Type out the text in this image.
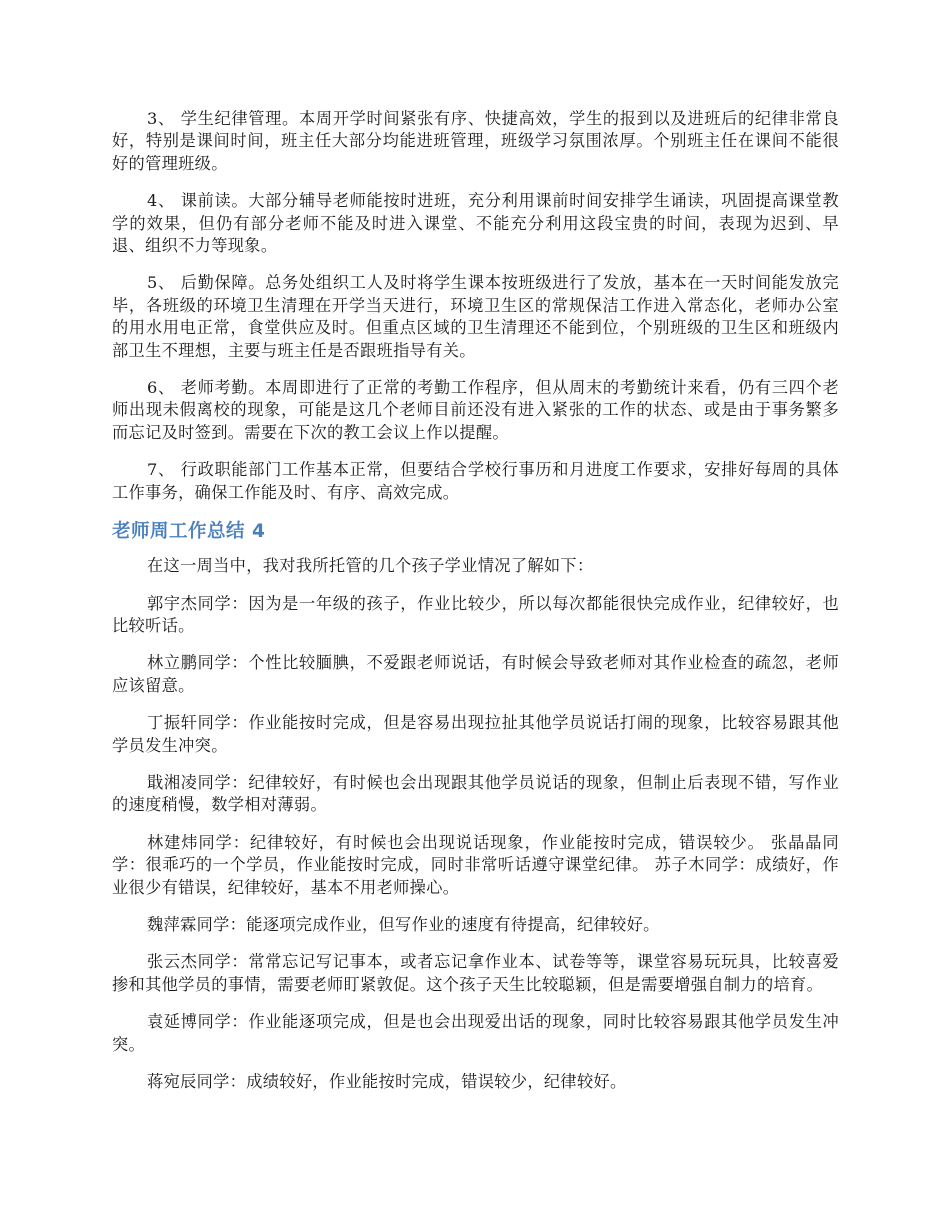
3、 学生纪律管理。本周开学时间紧张有序、快捷高效，学生的报到以及进班后的纪律非常良好，特别是课间时间，班主任大部分均能进班管理，班级学习氛围浓厚。个别班主任在课间不能很好的管理班级。

4、 课前读。大部分辅导老师能按时进班，充分利用课前时间安排学生诵读，巩固提高课堂教学的效果，但仍有部分老师不能及时进入课堂、不能充分利用这段宝贵的时间，表现为迟到、早退、组织不力等现象。

5、 后勤保障。总务处组织工人及时将学生课本按班级进行了发放，基本在一天时间能发放完毕，各班级的环境卫生清理在开学当天进行，环境卫生区的常规保洁工作进入常态化，老师办公室的用水用电正常，食堂供应及时。但重点区域的卫生清理还不能到位，个别班级的卫生区和班级内部卫生不理想，主要与班主任是否跟班指导有关。

6、 老师考勤。本周即进行了正常的考勤工作程序，但从周末的考勤统计来看，仍有三四个老师出现未假离校的现象，可能是这几个老师目前还没有进入紧张的工作的状态、或是由于事务繁多而忘记及时签到。需要在下次的教工会议上作以提醒。

7、 行政职能部门工作基本正常，但要结合学校行事历和月进度工作要求，安排好每周的具体工作事务，确保工作能及时、有序、高效完成。

老师周工作总结 4

在这一周当中，我对我所托管的几个孩子学业情况了解如下：

郭宇杰同学：因为是一年级的孩子，作业比较少，所以每次都能很快完成作业，纪律较好，也比较听话。

林立鹏同学：个性比较腼腆，不爱跟老师说话，有时候会导致老师对其作业检查的疏忽，老师应该留意。

丁振轩同学：作业能按时完成，但是容易出现拉扯其他学员说话打闹的现象，比较容易跟其他学员发生冲突。

戢湘凌同学：纪律较好，有时候也会出现跟其他学员说话的现象，但制止后表现不错，写作业的速度稍慢，数学相对薄弱。

林建炜同学：纪律较好，有时候也会出现说话现象，作业能按时完成，错误较少。 张晶晶同学：很乖巧的一个学员，作业能按时完成，同时非常听话遵守课堂纪律。 苏子木同学：成绩好，作业很少有错误，纪律较好，基本不用老师操心。

魏萍霖同学：能逐项完成作业，但写作业的速度有待提高，纪律较好。

张云杰同学：常常忘记写记事本，或者忘记拿作业本、试卷等等，课堂容易玩玩具，比较喜爱掺和其他学员的事情，需要老师盯紧敦促。这个孩子天生比较聪颖，但是需要增强自制力的培育。

袁延博同学：作业能逐项完成，但是也会出现爱出话的现象，同时比较容易跟其他学员发生冲突。

蒋宛辰同学：成绩较好，作业能按时完成，错误较少，纪律较好。
